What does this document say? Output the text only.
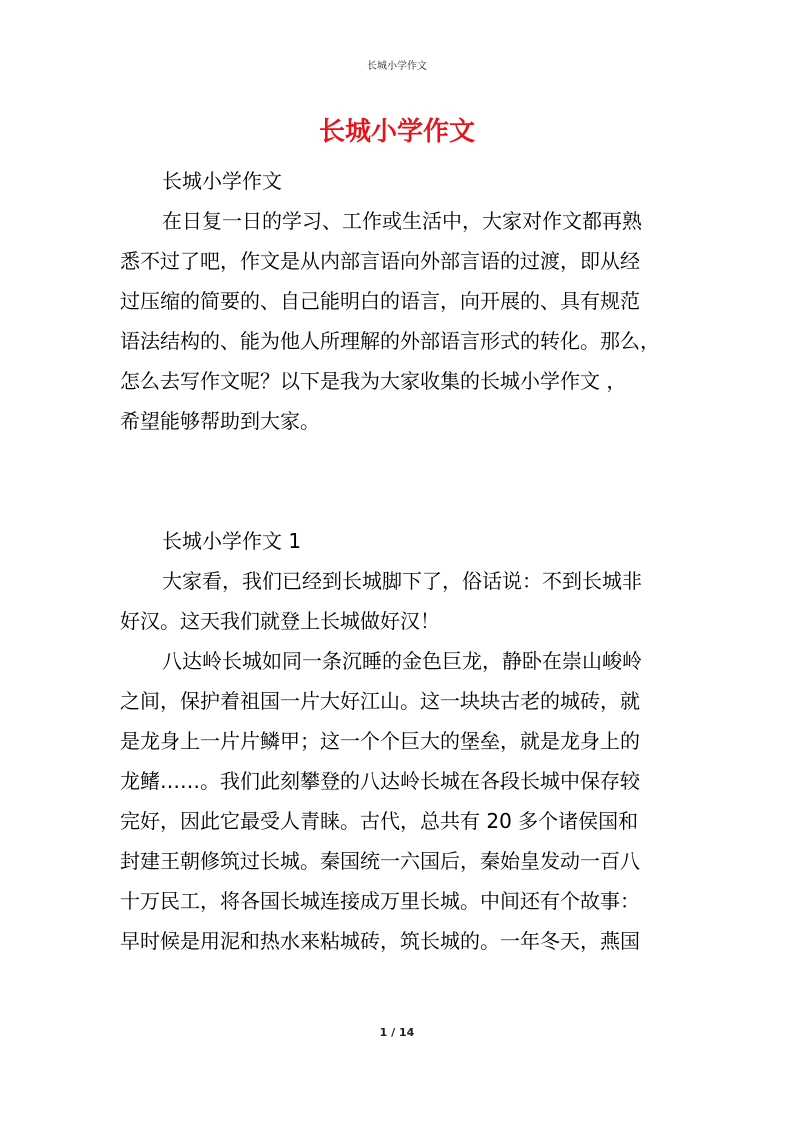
长城小学作文
长城小学作文
长城小学作文
在日复一日的学习、工作或生活中，大家对作文都再熟
悉不过了吧，作文是从内部言语向外部言语的过渡，即从经
过压缩的简要的、自己能明白的语言，向开展的、具有规范
语法结构的、能为他人所理解的外部语言形式的转化。那么，
怎么去写作文呢？以下是我为大家收集的长城小学作文 ，
希望能够帮助到大家。
长城小学作文 1
大家看，我们已经到长城脚下了，俗话说：不到长城非
好汉。这天我们就登上长城做好汉！
八达岭长城如同一条沉睡的金色巨龙，静卧在崇山峻岭
之间，保护着祖国一片大好江山。这一块块古老的城砖，就
是龙身上一片片鳞甲；这一个个巨大的堡垒，就是龙身上的
龙鳍……。我们此刻攀登的八达岭长城在各段长城中保存较
完好，因此它最受人青睐。古代，总共有 20 多个诸侯国和
封建王朝修筑过长城。秦国统一六国后，秦始皇发动一百八
十万民工，将各国长城连接成万里长城。中间还有个故事：
早时候是用泥和热水来粘城砖，筑长城的。一年冬天，燕国
1 / 14
